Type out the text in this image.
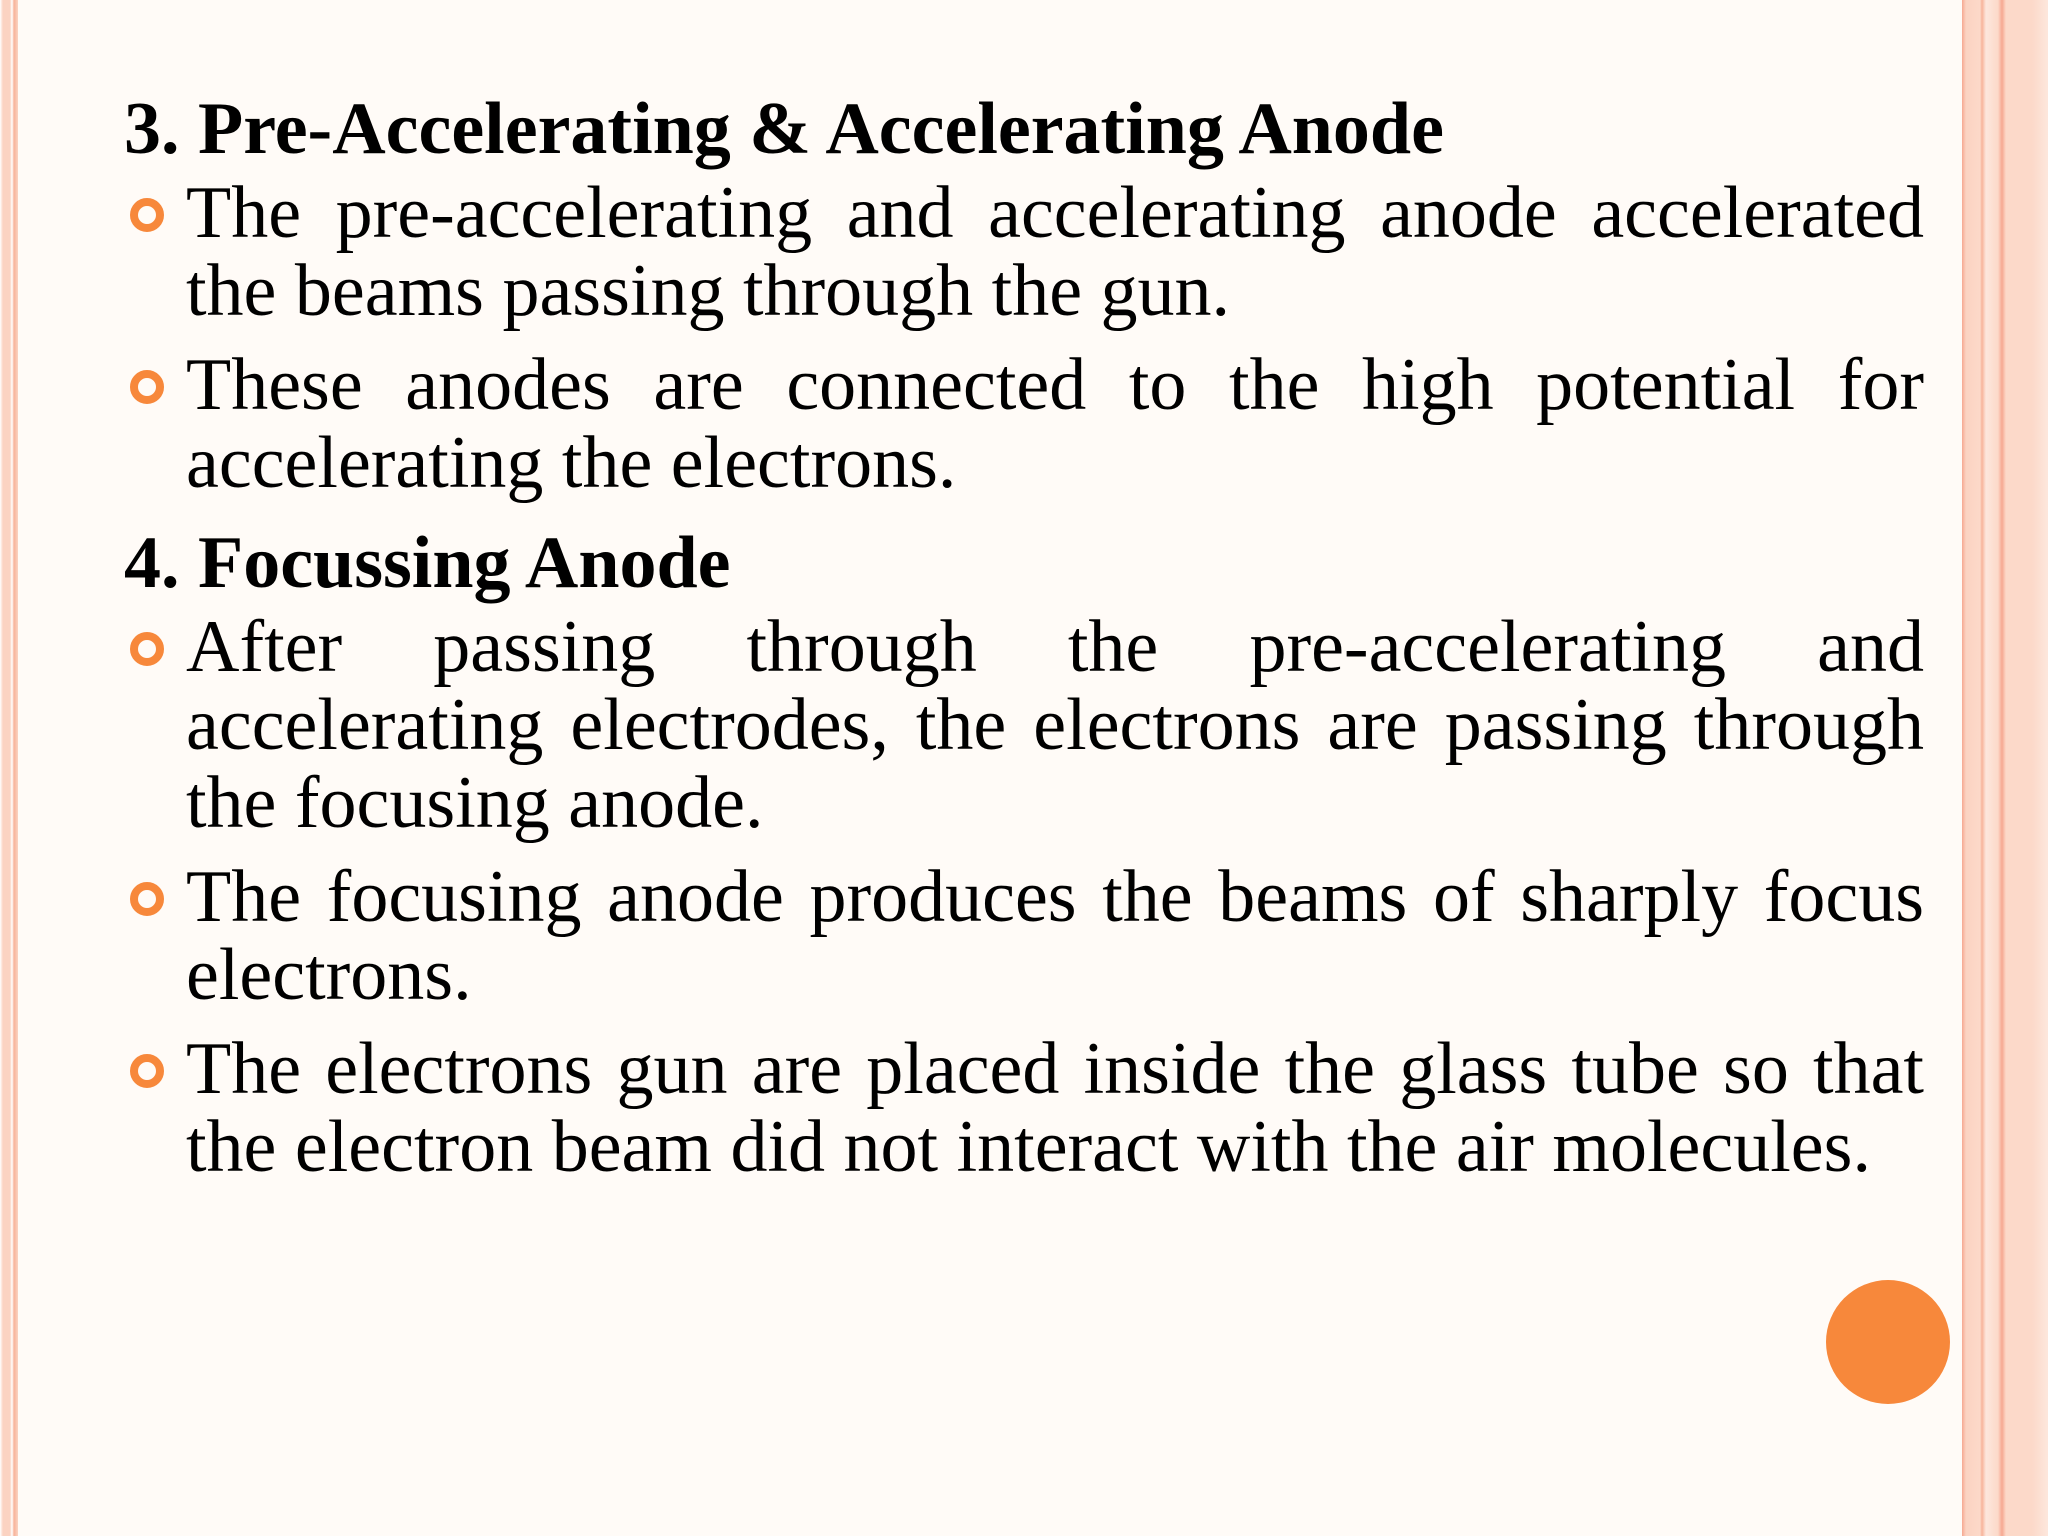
3. Pre-Accelerating & Accelerating Anode

The pre-accelerating and accelerating anode accelerated the beams passing through the gun.

These anodes are connected to the high potential for accelerating the electrons.

4. Focussing Anode

After passing through the pre-accelerating and accelerating electrodes, the electrons are passing through the focusing anode.

The focusing anode produces the beams of sharply focus electrons.

The electrons gun are placed inside the glass tube so that the electron beam did not interact with the air molecules.
